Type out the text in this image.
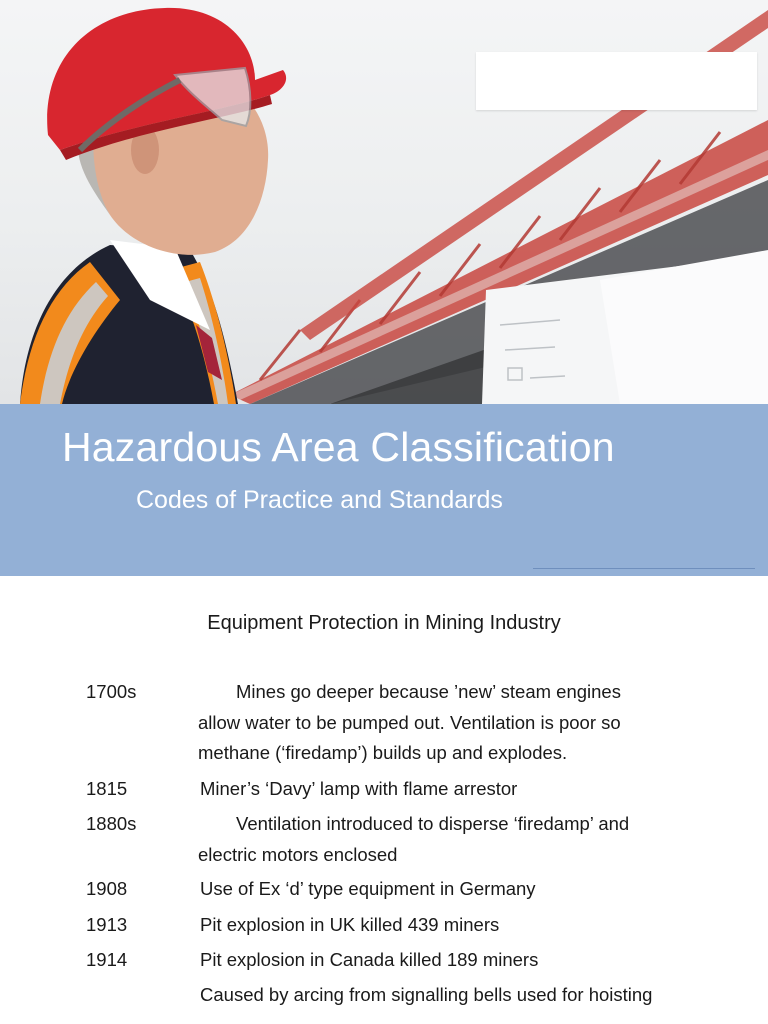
Hazardous Area Classification
Codes of Practice and Standards
Equipment Protection in Mining Industry
1700s	Mines go deeper because ’new’ steam engines
allow water to be pumped out. Ventilation is poor so
methane (‘firedamp’) builds up and explodes.
1815	Miner’s ‘Davy’ lamp with flame arrestor
1880s	Ventilation introduced to disperse ‘firedamp’ and
electric motors enclosed
1908	Use of Ex ‘d’ type equipment in Germany
1913	Pit explosion in UK killed 439 miners
1914	Pit explosion in Canada killed 189 miners
Caused by arcing from signalling bells used for hoisting
